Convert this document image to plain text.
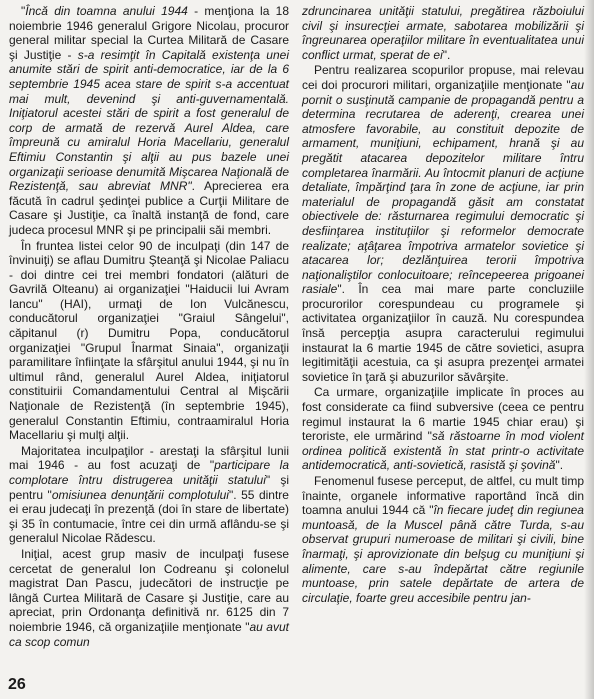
"Încă din toamna anului 1944 - menţiona la 18 noiembrie 1946 generalul Grigore Nicolau, procuror general militar special la Curtea Militară de Casare şi Justiţie - s-a resimţit în Capitală existenţa unei anumite stări de spirit anti-democratice, iar de la 6 septembrie 1945 acea stare de spirit s-a accentuat mai mult, devenind şi anti-guvernamentală. Iniţiatorul acestei stări de spirit a fost generalul de corp de armată de rezervă Aurel Aldea, care împreună cu amiralul Horia Macellariu, generalul Eftimiu Constantin şi alţii au pus bazele unei organizaţii serioase denumită Mişcarea Naţională de Rezistenţă, sau abreviat MNR". Aprecierea era făcută în cadrul şedinţei publice a Curţii Militare de Casare şi Justiţie, ca înaltă instanţă de fond, care judeca procesul MNR şi pe principalii săi membri.

În fruntea listei celor 90 de inculpaţi (din 147 de învinuiţi) se aflau Dumitru Şteanţă şi Nicolae Paliacu - doi dintre cei trei membri fondatori (alături de Gavrilă Olteanu) ai organizaţiei "Haiducii lui Avram Iancu" (HAI), urmaţi de Ion Vulcănescu, conducătorul organizaţiei "Graiul Sângelui", căpitanul (r) Dumitru Popa, conducătorul organizaţiei "Grupul Înarmat Sinaia", organizaţii paramilitare înfiinţate la sfârşitul anului 1944, şi nu în ultimul rând, generalul Aurel Aldea, iniţiatorul constituirii Comandamentului Central al Mişcării Naţionale de Rezistenţă (în septembrie 1945), generalul Constantin Eftimiu, contraamiralul Horia Macellariu şi mulţi alţii.

Majoritatea inculpaţilor - arestaţi la sfârşitul lunii mai 1946 - au fost acuzaţi de "participare la complotare întru distrugerea unităţii statului" şi pentru "omisiunea denunţării complotului". 55 dintre ei erau judecaţi în prezenţă (doi în stare de libertate) şi 35 în contumacie, între cei din urmă aflându-se şi generalul Nicolae Rădescu.

Iniţial, acest grup masiv de inculpaţi fusese cercetat de generalul Ion Codreanu şi colonelul magistrat Dan Pascu, judecători de instrucţie pe lângă Curtea Militară de Casare şi Justiţie, care au apreciat, prin Ordonanţa definitivă nr. 6125 din 7 noiembrie 1946, că organizaţiile menţionate "au avut ca scop comun

zdruncinarea unităţii statului, pregătirea războiului civil şi insurecţiei armate, sabotarea mobilizării şi îngreunarea operaţiilor militare în eventualitatea unui conflict urmat, sperat de ei".

Pentru realizarea scopurilor propuse, mai relevau cei doi procurori militari, organizaţiile menţionate "au pornit o susţinută campanie de propagandă pentru a determina recrutarea de aderenţi, crearea unei atmosfere favorabile, au constituit depozite de armament, muniţiuni, echipament, hrană şi au pregătit atacarea depozitelor militare întru completarea înarmării. Au întocmit planuri de acţiune detaliate, împărţind ţara în zone de acţiune, iar prin materialul de propagandă găsit am constatat obiectivele de: răsturnarea regimului democratic şi desfiinţarea instituţiilor şi reformelor democrate realizate; aţâţarea împotriva armatelor sovietice şi atacarea lor; dezlănţuirea terorii împotriva naţionaliştilor conlocuitoare; reîncepeerea prigoanei rasiale". În cea mai mare parte concluziile procurorilor corespundeau cu programele şi activitatea organizaţiilor în cauză. Nu corespundea însă percepţia asupra caracterului regimului instaurat la 6 martie 1945 de către sovietici, asupra legitimităţii acestuia, ca şi asupra prezenţei armatei sovietice în ţară şi abuzurilor săvârşite.

Ca urmare, organizaţiile implicate în proces au fost considerate ca fiind subversive (ceea ce pentru regimul instaurat la 6 martie 1945 chiar erau) şi teroriste, ele urmărind "să răstoarne în mod violent ordinea politică existentă în stat printr-o activitate antidemocratică, anti-sovietică, rasistă şi şovină".

Fenomenul fusese perceput, de altfel, cu mult timp înainte, organele informative raportând încă din toamna anului 1944 că "în fiecare judeţ din regiunea muntoasă, de la Muscel până către Turda, s-au observat grupuri numeroase de militari şi civili, bine înarmaţi, şi aprovizionate din belşug cu muniţiuni şi alimente, care s-au îndepărtat către regiunile muntoase, prin satele depărtate de artera de circulaţie, foarte greu accesibile pentru jan-

26
